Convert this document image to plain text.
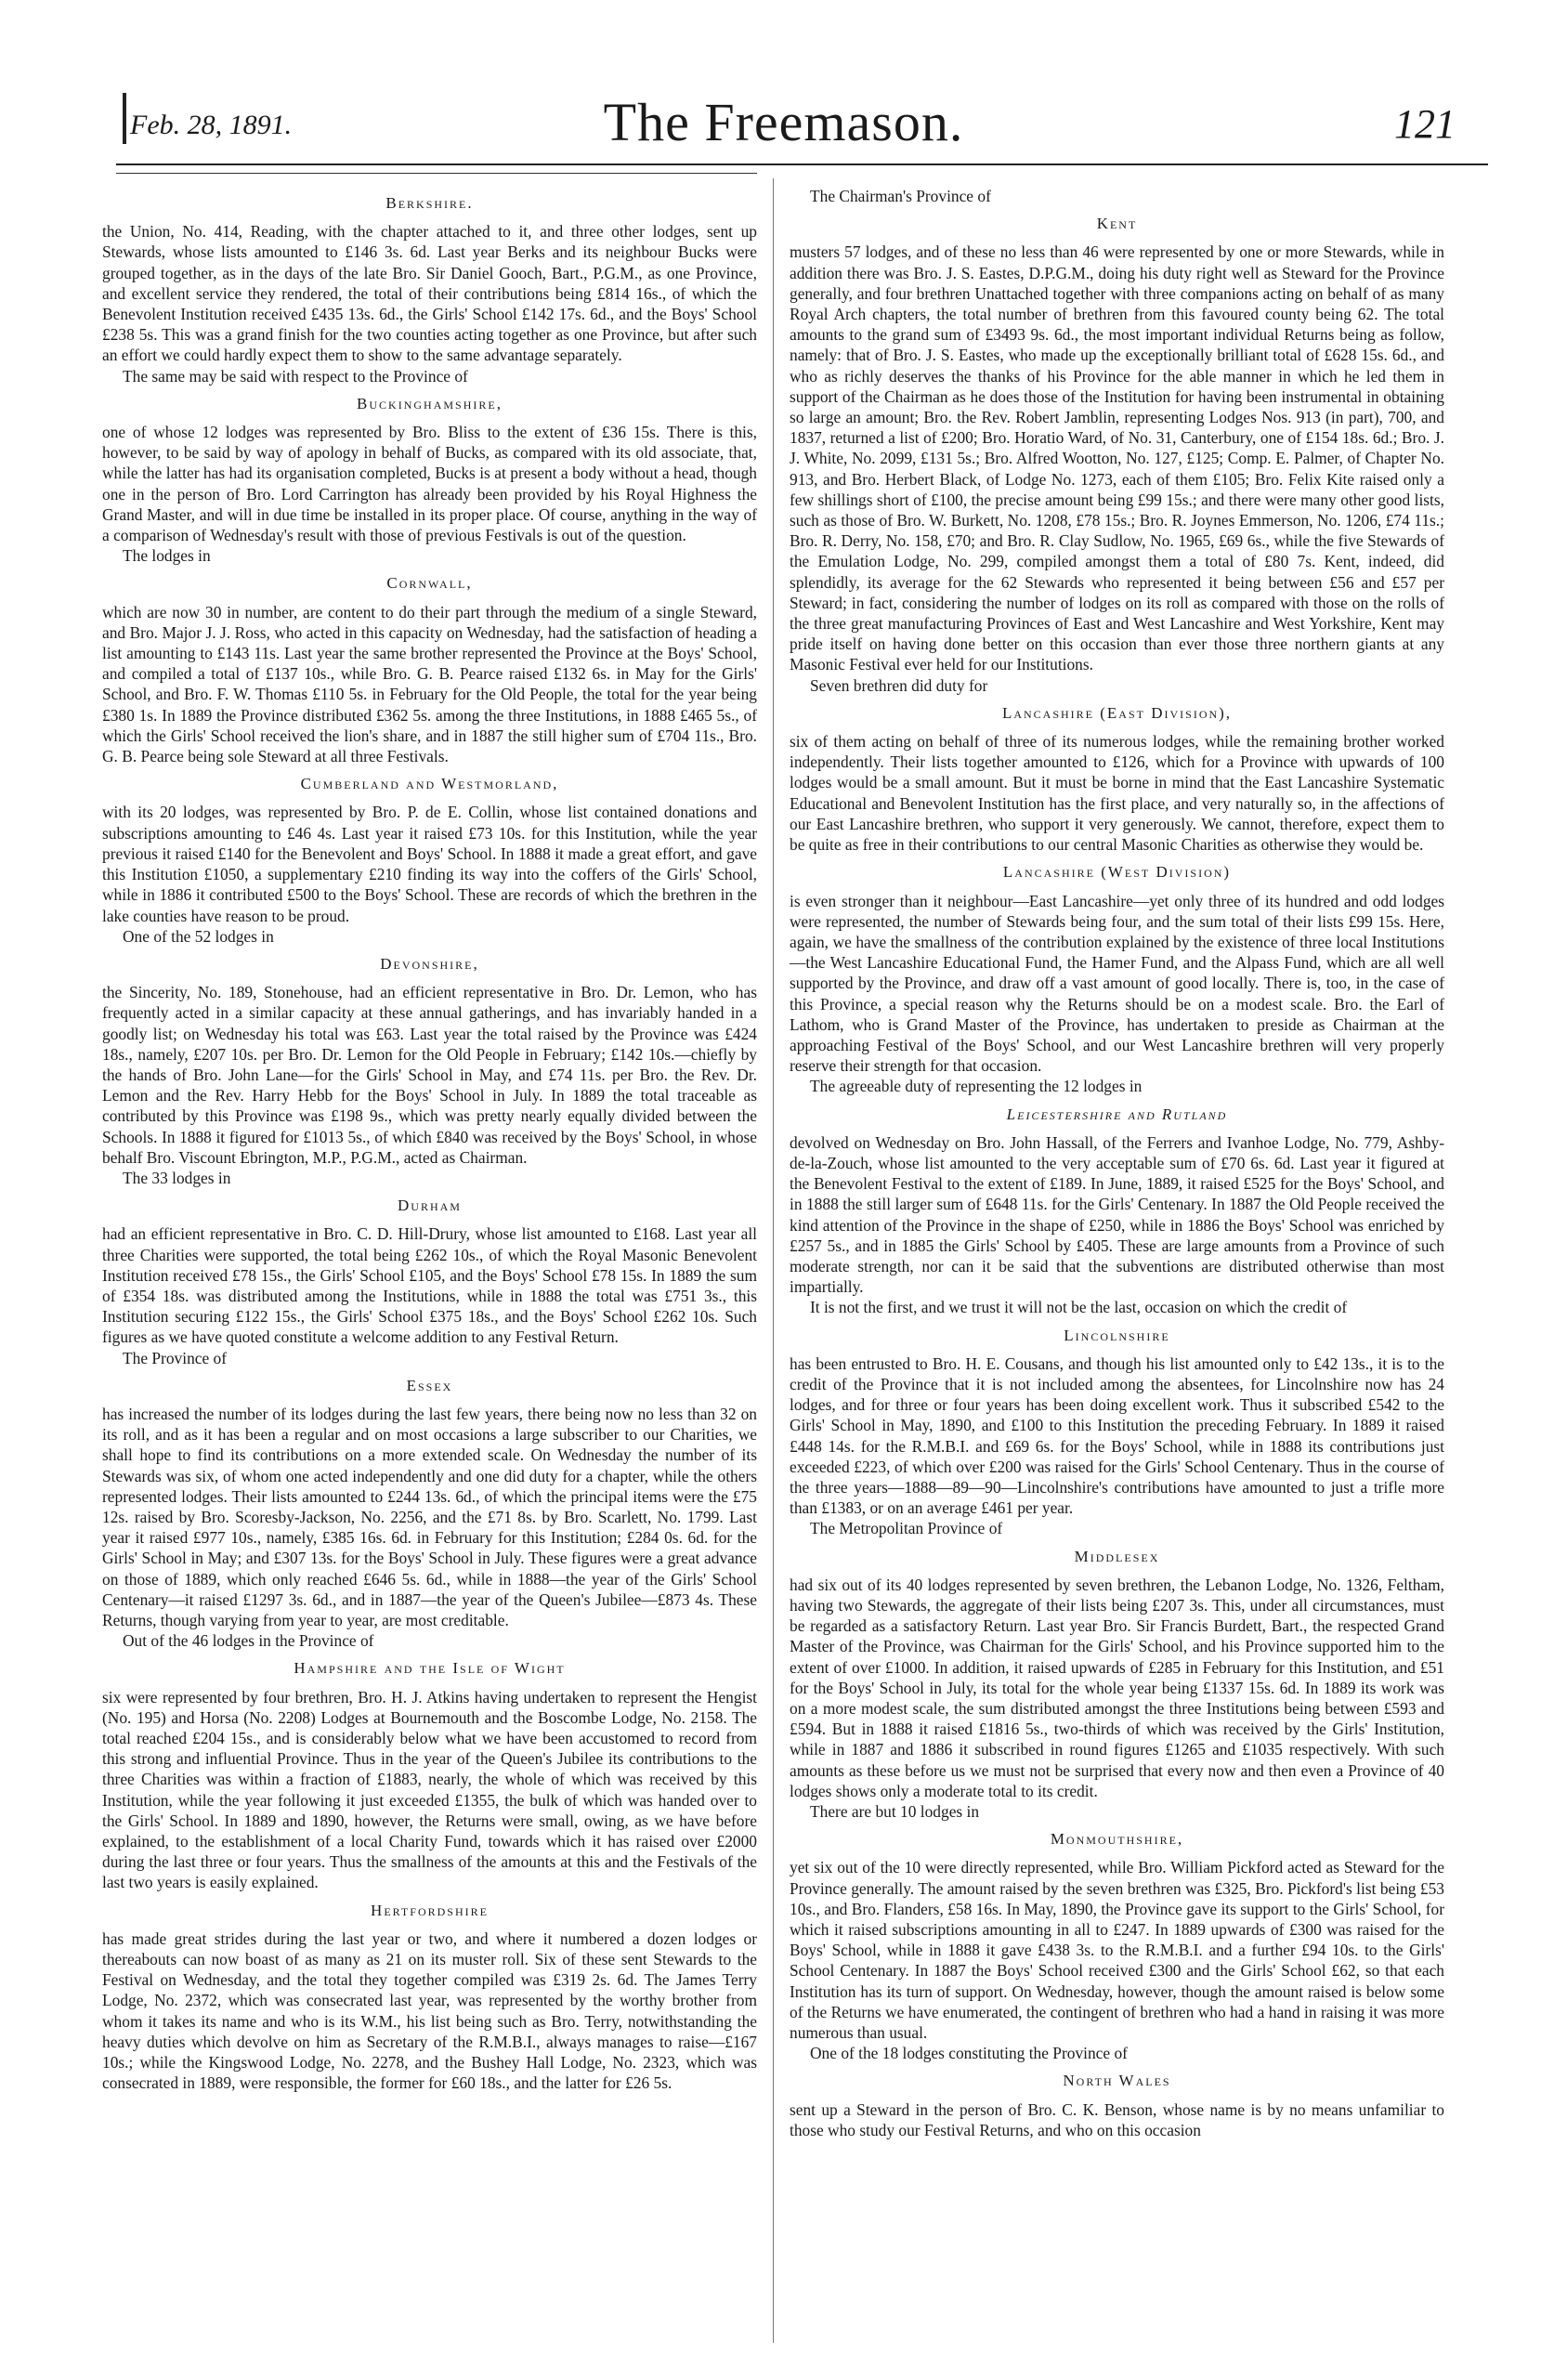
Feb. 28, 1891.	The Freemason.	121
Berkshire.

the Union, No. 414, Reading, with the chapter attached to it, and three other lodges, sent up Stewards, whose lists amounted to £146 3s. 6d. Last year Berks and its neighbour Bucks were grouped together, as in the days of the late Bro. Sir Daniel Gooch, Bart., P.G.M., as one Province, and excellent service they rendered, the total of their contributions being £814 16s., of which the Benevolent Institution received £435 13s. 6d., the Girls' School £142 17s. 6d., and the Boys' School £238 5s. This was a grand finish for the two counties acting together as one Province, but after such an effort we could hardly expect them to show to the same advantage separately.

The same may be said with respect to the Province of

Buckinghamshire,

one of whose 12 lodges was represented by Bro. Bliss to the extent of £36 15s. There is this, however, to be said by way of apology in behalf of Bucks, as compared with its old associate, that, while the latter has had its organisation completed, Bucks is at present a body without a head, though one in the person of Bro. Lord Carrington has already been provided by his Royal Highness the Grand Master, and will in due time be installed in its proper place. Of course, anything in the way of a comparison of Wednesday's result with those of previous Festivals is out of the question.

The lodges in

Cornwall,

which are now 30 in number, are content to do their part through the medium of a single Steward, and Bro. Major J. J. Ross, who acted in this capacity on Wednesday, had the satisfaction of heading a list amounting to £143 11s. Last year the same brother represented the Province at the Boys' School, and compiled a total of £137 10s., while Bro. G. B. Pearce raised £132 6s. in May for the Girls' School, and Bro. F. W. Thomas £110 5s. in February for the Old People, the total for the year being £380 1s. In 1889 the Province distributed £362 5s. among the three Institutions, in 1888 £465 5s., of which the Girls' School received the lion's share, and in 1887 the still higher sum of £704 11s., Bro. G. B. Pearce being sole Steward at all three Festivals.

Cumberland and Westmorland,

with its 20 lodges, was represented by Bro. P. de E. Collin, whose list contained donations and subscriptions amounting to £46 4s. Last year it raised £73 10s. for this Institution, while the year previous it raised £140 for the Benevolent and Boys' School. In 1888 it made a great effort, and gave this Institution £1050, a supplementary £210 finding its way into the coffers of the Girls' School, while in 1886 it contributed £500 to the Boys' School. These are records of which the brethren in the lake counties have reason to be proud.

One of the 52 lodges in

Devonshire,

the Sincerity, No. 189, Stonehouse, had an efficient representative in Bro. Dr. Lemon, who has frequently acted in a similar capacity at these annual gatherings, and has invariably handed in a goodly list; on Wednesday his total was £63. Last year the total raised by the Province was £424 18s., namely, £207 10s. per Bro. Dr. Lemon for the Old People in February; £142 10s.—chiefly by the hands of Bro. John Lane—for the Girls' School in May, and £74 11s. per Bro. the Rev. Dr. Lemon and the Rev. Harry Hebb for the Boys' School in July. In 1889 the total traceable as contributed by this Province was £198 9s., which was pretty nearly equally divided between the Schools. In 1888 it figured for £1013 5s., of which £840 was received by the Boys' School, in whose behalf Bro. Viscount Ebrington, M.P., P.G.M., acted as Chairman.

The 33 lodges in

Durham

had an efficient representative in Bro. C. D. Hill-Drury, whose list amounted to £168. Last year all three Charities were supported, the total being £262 10s., of which the Royal Masonic Benevolent Institution received £78 15s., the Girls' School £105, and the Boys' School £78 15s. In 1889 the sum of £354 18s. was distributed among the Institutions, while in 1888 the total was £751 3s., this Institution securing £122 15s., the Girls' School £375 18s., and the Boys' School £262 10s. Such figures as we have quoted constitute a welcome addition to any Festival Return.

The Province of

Essex

has increased the number of its lodges during the last few years, there being now no less than 32 on its roll, and as it has been a regular and on most occasions a large subscriber to our Charities, we shall hope to find its contributions on a more extended scale. On Wednesday the number of its Stewards was six, of whom one acted independently and one did duty for a chapter, while the others represented lodges. Their lists amounted to £244 13s. 6d., of which the principal items were the £75 12s. raised by Bro. Scoresby-Jackson, No. 2256, and the £71 8s. by Bro. Scarlett, No. 1799. Last year it raised £977 10s., namely, £385 16s. 6d. in February for this Institution; £284 0s. 6d. for the Girls' School in May; and £307 13s. for the Boys' School in July. These figures were a great advance on those of 1889, which only reached £646 5s. 6d., while in 1888—the year of the Girls' School Centenary—it raised £1297 3s. 6d., and in 1887—the year of the Queen's Jubilee—£873 4s. These Returns, though varying from year to year, are most creditable.

Out of the 46 lodges in the Province of

Hampshire and the Isle of Wight

six were represented by four brethren, Bro. H. J. Atkins having undertaken to represent the Hengist (No. 195) and Horsa (No. 2208) Lodges at Bournemouth and the Boscombe Lodge, No. 2158. The total reached £204 15s., and is considerably below what we have been accustomed to record from this strong and influential Province. Thus in the year of the Queen's Jubilee its contributions to the three Charities was within a fraction of £1883, nearly, the whole of which was received by this Institution, while the year following it just exceeded £1355, the bulk of which was handed over to the Girls' School. In 1889 and 1890, however, the Returns were small, owing, as we have before explained, to the establishment of a local Charity Fund, towards which it has raised over £2000 during the last three or four years. Thus the smallness of the amounts at this and the Festivals of the last two years is easily explained.

Hertfordshire

has made great strides during the last year or two, and where it numbered a dozen lodges or thereabouts can now boast of as many as 21 on its muster roll. Six of these sent Stewards to the Festival on Wednesday, and the total they together compiled was £319 2s. 6d. The James Terry Lodge, No. 2372, which was consecrated last year, was represented by the worthy brother from whom it takes its name and who is its W.M., his list being such as Bro. Terry, notwithstanding the heavy duties which devolve on him as Secretary of the R.M.B.I., always manages to raise—£167 10s.; while the Kingswood Lodge, No. 2278, and the Bushey Hall Lodge, No. 2323, which was consecrated in 1889, were responsible, the former for £60 18s., and the latter for £26 5s.

The Chairman's Province of

Kent

musters 57 lodges, and of these no less than 46 were represented by one or more Stewards, while in addition there was Bro. J. S. Eastes, D.P.G.M., doing his duty right well as Steward for the Province generally, and four brethren Unattached together with three companions acting on behalf of as many Royal Arch chapters, the total number of brethren from this favoured county being 62. The total amounts to the grand sum of £3493 9s. 6d., the most important individual Returns being as follow, namely: that of Bro. J. S. Eastes, who made up the exceptionally brilliant total of £628 15s. 6d., and who as richly deserves the thanks of his Province for the able manner in which he led them in support of the Chairman as he does those of the Institution for having been instrumental in obtaining so large an amount; Bro. the Rev. Robert Jamblin, representing Lodges Nos. 913 (in part), 700, and 1837, returned a list of £200; Bro. Horatio Ward, of No. 31, Canterbury, one of £154 18s. 6d.; Bro. J. J. White, No. 2099, £131 5s.; Bro. Alfred Wootton, No. 127, £125; Comp. E. Palmer, of Chapter No. 913, and Bro. Herbert Black, of Lodge No. 1273, each of them £105; Bro. Felix Kite raised only a few shillings short of £100, the precise amount being £99 15s.; and there were many other good lists, such as those of Bro. W. Burkett, No. 1208, £78 15s.; Bro. R. Joynes Emmerson, No. 1206, £74 11s.; Bro. R. Derry, No. 158, £70; and Bro. R. Clay Sudlow, No. 1965, £69 6s., while the five Stewards of the Emulation Lodge, No. 299, compiled amongst them a total of £80 7s. Kent, indeed, did splendidly, its average for the 62 Stewards who represented it being between £56 and £57 per Steward; in fact, considering the number of lodges on its roll as compared with those on the rolls of the three great manufacturing Provinces of East and West Lancashire and West Yorkshire, Kent may pride itself on having done better on this occasion than ever those three northern giants at any Masonic Festival ever held for our Institutions.

Seven brethren did duty for

Lancashire (East Division),

six of them acting on behalf of three of its numerous lodges, while the remaining brother worked independently. Their lists together amounted to £126, which for a Province with upwards of 100 lodges would be a small amount. But it must be borne in mind that the East Lancashire Systematic Educational and Benevolent Institution has the first place, and very naturally so, in the affections of our East Lancashire brethren, who support it very generously. We cannot, therefore, expect them to be quite as free in their contributions to our central Masonic Charities as otherwise they would be.

Lancashire (West Division)

is even stronger than it neighbour—East Lancashire—yet only three of its hundred and odd lodges were represented, the number of Stewards being four, and the sum total of their lists £99 15s. Here, again, we have the smallness of the contribution explained by the existence of three local Institutions—the West Lancashire Educational Fund, the Hamer Fund, and the Alpass Fund, which are all well supported by the Province, and draw off a vast amount of good locally. There is, too, in the case of this Province, a special reason why the Returns should be on a modest scale. Bro. the Earl of Lathom, who is Grand Master of the Province, has undertaken to preside as Chairman at the approaching Festival of the Boys' School, and our West Lancashire brethren will very properly reserve their strength for that occasion.

The agreeable duty of representing the 12 lodges in

Leicestershire and Rutland

devolved on Wednesday on Bro. John Hassall, of the Ferrers and Ivanhoe Lodge, No. 779, Ashby-de-la-Zouch, whose list amounted to the very acceptable sum of £70 6s. 6d. Last year it figured at the Benevolent Festival to the extent of £189. In June, 1889, it raised £525 for the Boys' School, and in 1888 the still larger sum of £648 11s. for the Girls' Centenary. In 1887 the Old People received the kind attention of the Province in the shape of £250, while in 1886 the Boys' School was enriched by £257 5s., and in 1885 the Girls' School by £405. These are large amounts from a Province of such moderate strength, nor can it be said that the subventions are distributed otherwise than most impartially.

It is not the first, and we trust it will not be the last, occasion on which the credit of

Lincolnshire

has been entrusted to Bro. H. E. Cousans, and though his list amounted only to £42 13s., it is to the credit of the Province that it is not included among the absentees, for Lincolnshire now has 24 lodges, and for three or four years has been doing excellent work. Thus it subscribed £542 to the Girls' School in May, 1890, and £100 to this Institution the preceding February. In 1889 it raised £448 14s. for the R.M.B.I. and £69 6s. for the Boys' School, while in 1888 its contributions just exceeded £223, of which over £200 was raised for the Girls' School Centenary. Thus in the course of the three years—1888—89—90—Lincolnshire's contributions have amounted to just a trifle more than £1383, or on an average £461 per year.

The Metropolitan Province of

Middlesex

had six out of its 40 lodges represented by seven brethren, the Lebanon Lodge, No. 1326, Feltham, having two Stewards, the aggregate of their lists being £207 3s. This, under all circumstances, must be regarded as a satisfactory Return. Last year Bro. Sir Francis Burdett, Bart., the respected Grand Master of the Province, was Chairman for the Girls' School, and his Province supported him to the extent of over £1000. In addition, it raised upwards of £285 in February for this Institution, and £51 for the Boys' School in July, its total for the whole year being £1337 15s. 6d. In 1889 its work was on a more modest scale, the sum distributed amongst the three Institutions being between £593 and £594. But in 1888 it raised £1816 5s., two-thirds of which was received by the Girls' Institution, while in 1887 and 1886 it subscribed in round figures £1265 and £1035 respectively. With such amounts as these before us we must not be surprised that every now and then even a Province of 40 lodges shows only a moderate total to its credit.

There are but 10 lodges in

Monmouthshire,

yet six out of the 10 were directly represented, while Bro. William Pickford acted as Steward for the Province generally. The amount raised by the seven brethren was £325, Bro. Pickford's list being £53 10s., and Bro. Flanders, £58 16s. In May, 1890, the Province gave its support to the Girls' School, for which it raised subscriptions amounting in all to £247. In 1889 upwards of £300 was raised for the Boys' School, while in 1888 it gave £438 3s. to the R.M.B.I. and a further £94 10s. to the Girls' School Centenary. In 1887 the Boys' School received £300 and the Girls' School £62, so that each Institution has its turn of support. On Wednesday, however, though the amount raised is below some of the Returns we have enumerated, the contingent of brethren who had a hand in raising it was more numerous than usual.

One of the 18 lodges constituting the Province of

North Wales

sent up a Steward in the person of Bro. C. K. Benson, whose name is by no means unfamiliar to those who study our Festival Returns, and who on this occasion
